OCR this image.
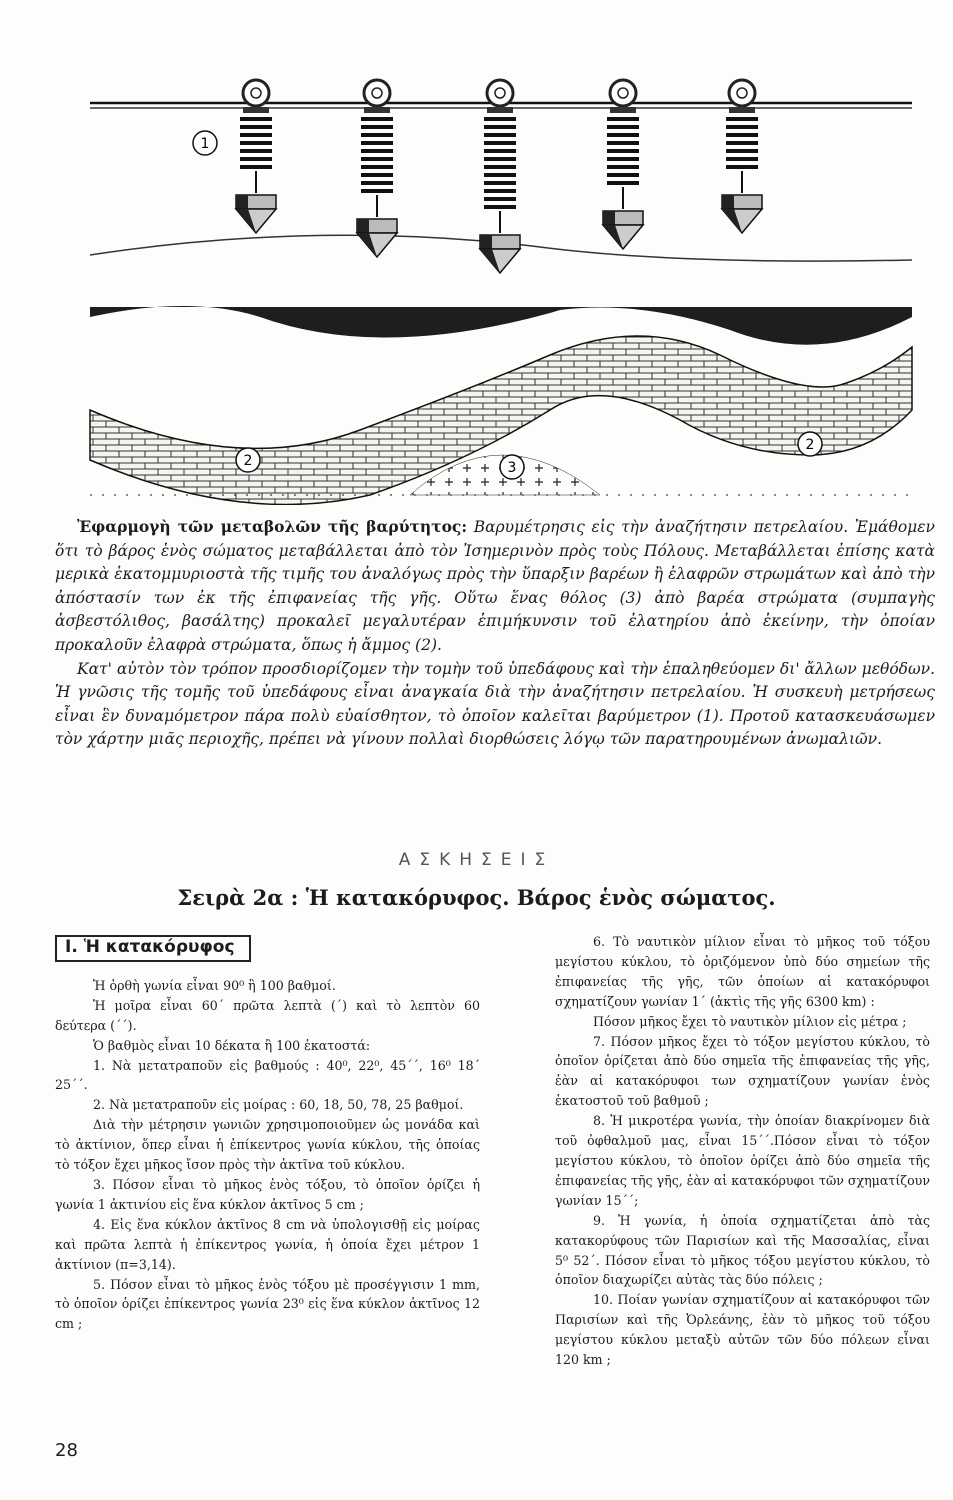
1
2
2
3

Ἐφαρμογὴ τῶν μεταβολῶν τῆς βαρύτητος: Βαρυμέτρησις εἰς τὴν ἀναζήτησιν πετρελαίου. Ἐμάθομεν ὅτι τὸ βάρος ἑνὸς σώματος μεταβάλλεται ἀπὸ τὸν Ἰσημερινὸν πρὸς τοὺς Πόλους. Μεταβάλλεται ἐπίσης κατὰ μερικὰ ἑκατομμυριοστὰ τῆς τιμῆς του ἀναλόγως πρὸς τὴν ὕπαρξιν βαρέων ἢ ἐλαφρῶν στρωμάτων καὶ ἀπὸ τὴν ἀπόστασίν των ἐκ τῆς ἐπιφανείας τῆς γῆς. Οὕτω ἕνας θόλος (3) ἀπὸ βαρέα στρώματα (συμπαγὴς ἀσβεστόλιθος, βασάλτης) προκαλεῖ μεγαλυτέραν ἐπιμήκυνσιν τοῦ ἐλατηρίου ἀπὸ ἐκείνην, τὴν ὁποίαν προκαλοῦν ἐλαφρὰ στρώματα, ὅπως ἡ ἄμμος (2).

Κατ' αὐτὸν τὸν τρόπον προσδιορίζομεν τὴν τομὴν τοῦ ὑπεδάφους καὶ τὴν ἐπαληθεύομεν δι' ἄλλων μεθόδων. Ἡ γνῶσις τῆς τομῆς τοῦ ὑπεδάφους εἶναι ἀναγκαία διὰ τὴν ἀναζήτησιν πετρελαίου. Ἡ συσκευὴ μετρήσεως εἶναι ἓν δυναμόμετρον πάρα πολὺ εὐαίσθητον, τὸ ὁποῖον καλεῖται βαρύμετρον (1). Προτοῦ κατασκευάσωμεν τὸν χάρτην μιᾶς περιοχῆς, πρέπει νὰ γίνουν πολλαὶ διορθώσεις λόγῳ τῶν παρατηρουμένων ἀνωμαλιῶν.

ΑΣΚΗΣΕΙΣ
Σειρὰ 2α : Ἡ κατακόρυφος. Βάρος ἑνὸς σώματος.
I. Ἡ κατακόρυφος

Ἡ ὀρθὴ γωνία εἶναι 90⁰ ἢ 100 βαθμοί.

Ἡ μοῖρα εἶναι 60΄ πρῶτα λεπτὰ (΄) καὶ τὸ λεπτὸν 60 δεύτερα (΄΄).

Ὁ βαθμὸς εἶναι 10 δέκατα ἢ 100 ἑκατοστά:

1. Νὰ μετατραποῦν εἰς βαθμούς : 40⁰, 22⁰, 45΄΄, 16⁰ 18΄ 25΄΄.

2. Νὰ μετατραποῦν εἰς μοίρας : 60, 18, 50, 78, 25 βαθμοί.

Διὰ τὴν μέτρησιν γωνιῶν χρησιμοποιοῦμεν ὡς μονάδα καὶ τὸ ἀκτίνιον, ὅπερ εἶναι ἡ ἐπίκεντρος γωνία κύκλου, τῆς ὁποίας τὸ τόξον ἔχει μῆκος ἴσον πρὸς τὴν ἀκτῖνα τοῦ κύκλου.

3. Πόσον εἶναι τὸ μῆκος ἑνὸς τόξου, τὸ ὁποῖον ὁρίζει ἡ γωνία 1 ἀκτινίου εἰς ἕνα κύκλον ἀκτῖνος 5 cm ;

4. Εἰς ἕνα κύκλον ἀκτῖνος 8 cm νὰ ὑπολογισθῇ εἰς μοίρας καὶ πρῶτα λεπτὰ ἡ ἐπίκεντρος γωνία, ἡ ὁποία ἔχει μέτρον 1 ἀκτίνιον (π=3,14).

5. Πόσον εἶναι τὸ μῆκος ἑνὸς τόξου μὲ προσέγγισιν 1 mm, τὸ ὁποῖον ὁρίζει ἐπίκεντρος γωνία 23⁰ εἰς ἕνα κύκλον ἀκτῖνος 12 cm ;

6. Τὸ ναυτικὸν μίλιον εἶναι τὸ μῆκος τοῦ τόξου μεγίστου κύκλου, τὸ ὁριζόμενον ὑπὸ δύο σημείων τῆς ἐπιφανείας τῆς γῆς, τῶν ὁποίων αἱ κατακόρυφοι σχηματίζουν γωνίαν 1΄ (ἀκτὶς τῆς γῆς 6300 km) :

Πόσον μῆκος ἔχει τὸ ναυτικὸν μίλιον εἰς μέτρα ;

7. Πόσον μῆκος ἔχει τὸ τόξον μεγίστου κύκλου, τὸ ὁποῖον ὁρίζεται ἀπὸ δύο σημεῖα τῆς ἐπιφανείας τῆς γῆς, ἐὰν αἱ κατακόρυφοι των σχηματίζουν γωνίαν ἑνὸς ἑκατοστοῦ τοῦ βαθμοῦ ;

8. Ἡ μικροτέρα γωνία, τὴν ὁποίαν διακρίνομεν διὰ τοῦ ὀφθαλμοῦ μας, εἶναι 15΄΄.Πόσον εἶναι τὸ τόξον μεγίστου κύκλου, τὸ ὁποῖον ὁρίζει ἀπὸ δύο σημεῖα τῆς ἐπιφανείας τῆς γῆς, ἐὰν αἱ κατακόρυφοι τῶν σχηματίζουν γωνίαν 15΄΄;

9. Ἡ γωνία, ἡ ὁποία σχηματίζεται ἀπὸ τὰς κατακορύφους τῶν Παρισίων καὶ τῆς Μασσαλίας, εἶναι 5⁰ 52΄. Πόσον εἶναι τὸ μῆκος τόξου μεγίστου κύκλου, τὸ ὁποῖον διαχωρίζει αὐτὰς τὰς δύο πόλεις ;

10. Ποίαν γωνίαν σχηματίζουν αἱ κατακόρυφοι τῶν Παρισίων καὶ τῆς Ὀρλεάνης, ἐὰν τὸ μῆκος τοῦ τόξου μεγίστου κύκλου μεταξὺ αὐτῶν τῶν δύο πόλεων εἶναι 120 km ;

28
